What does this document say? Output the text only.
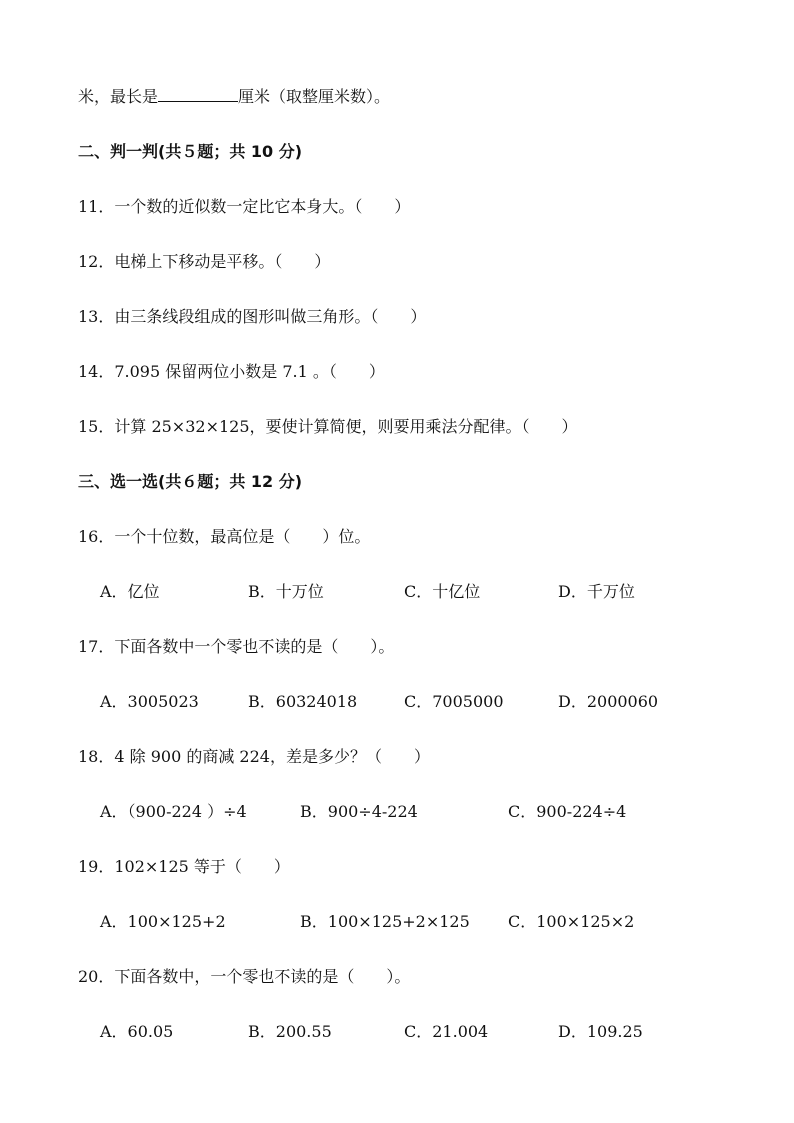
米，最长是	厘米（取整厘米数）。
二、判一判(共５题；共 10 分)
11．一个数的近似数一定比它本身大。（　　）
12．电梯上下移动是平移。（　　）
13．由三条线段组成的图形叫做三角形。（　　）
14．7.095 保留两位小数是 7.1 。（　　）
15．计算 25×32×125，要使计算简便，则要用乘法分配律。（　　）
三、选一选(共６题；共 12 分)
16．一个十位数，最高位是（　　）位。
A．亿位	B．十万位	C．十亿位	D．千万位
17．下面各数中一个零也不读的是（　　）。
A．3005023	B．60324018	C．7005000	D．2000060
18．4 除 900 的商减 224，差是多少？（　　）
A．（900-224 ）÷4	B．900÷4-224	C．900-224÷4
19．102×125 等于（　　）
A．100×125+2	B．100×125+2×125 C．100×125×2
20．下面各数中，一个零也不读的是（　　）。
A．60.05	B．200.55	C．21.004	D．109.25
